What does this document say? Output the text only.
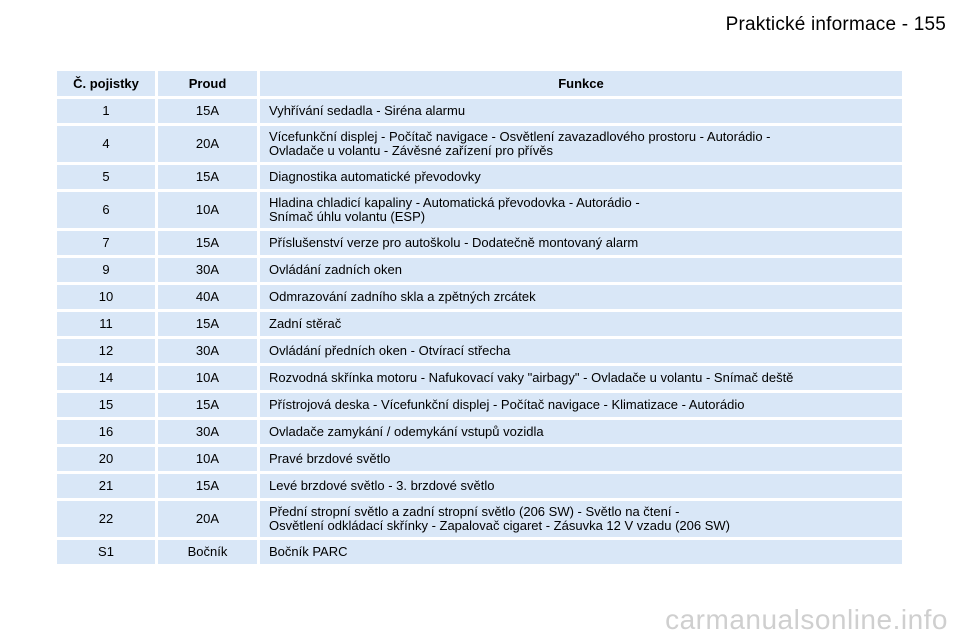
Praktické informace - 155
Č. pojistky	Proud	Funkce
1	15A	Vyhřívání sedadla - Siréna alarmu
4	20A	Vícefunkční displej - Počítač navigace - Osvětlení zavazadlového prostoru - Autorádio -
Ovladače u volantu - Závěsné zařízení pro přívěs
5	15A	Diagnostika automatické převodovky
6	10A	Hladina chladicí kapaliny - Automatická převodovka - Autorádio -
Snímač úhlu volantu (ESP)
7	15A	Příslušenství verze pro autoškolu - Dodatečně montovaný alarm
9	30A	Ovládání zadních oken
10	40A	Odmrazování zadního skla a zpětných zrcátek
11	15A	Zadní stěrač
12	30A	Ovládání předních oken - Otvírací střecha
14	10A	Rozvodná skřínka motoru - Nafukovací vaky "airbagy" - Ovladače u volantu - Snímač deště
15	15A	Přístrojová deska - Vícefunkční displej - Počítač navigace - Klimatizace - Autorádio
16	30A	Ovladače zamykání / odemykání vstupů vozidla
20	10A	Pravé brzdové světlo
21	15A	Levé brzdové světlo - 3. brzdové světlo
22	20A	Přední stropní světlo a zadní stropní světlo (206 SW) - Světlo na čtení -
Osvětlení odkládací skřínky - Zapalovač cigaret - Zásuvka 12 V vzadu (206 SW)
S1	Bočník	Bočník PARC
carmanualsonline.info
